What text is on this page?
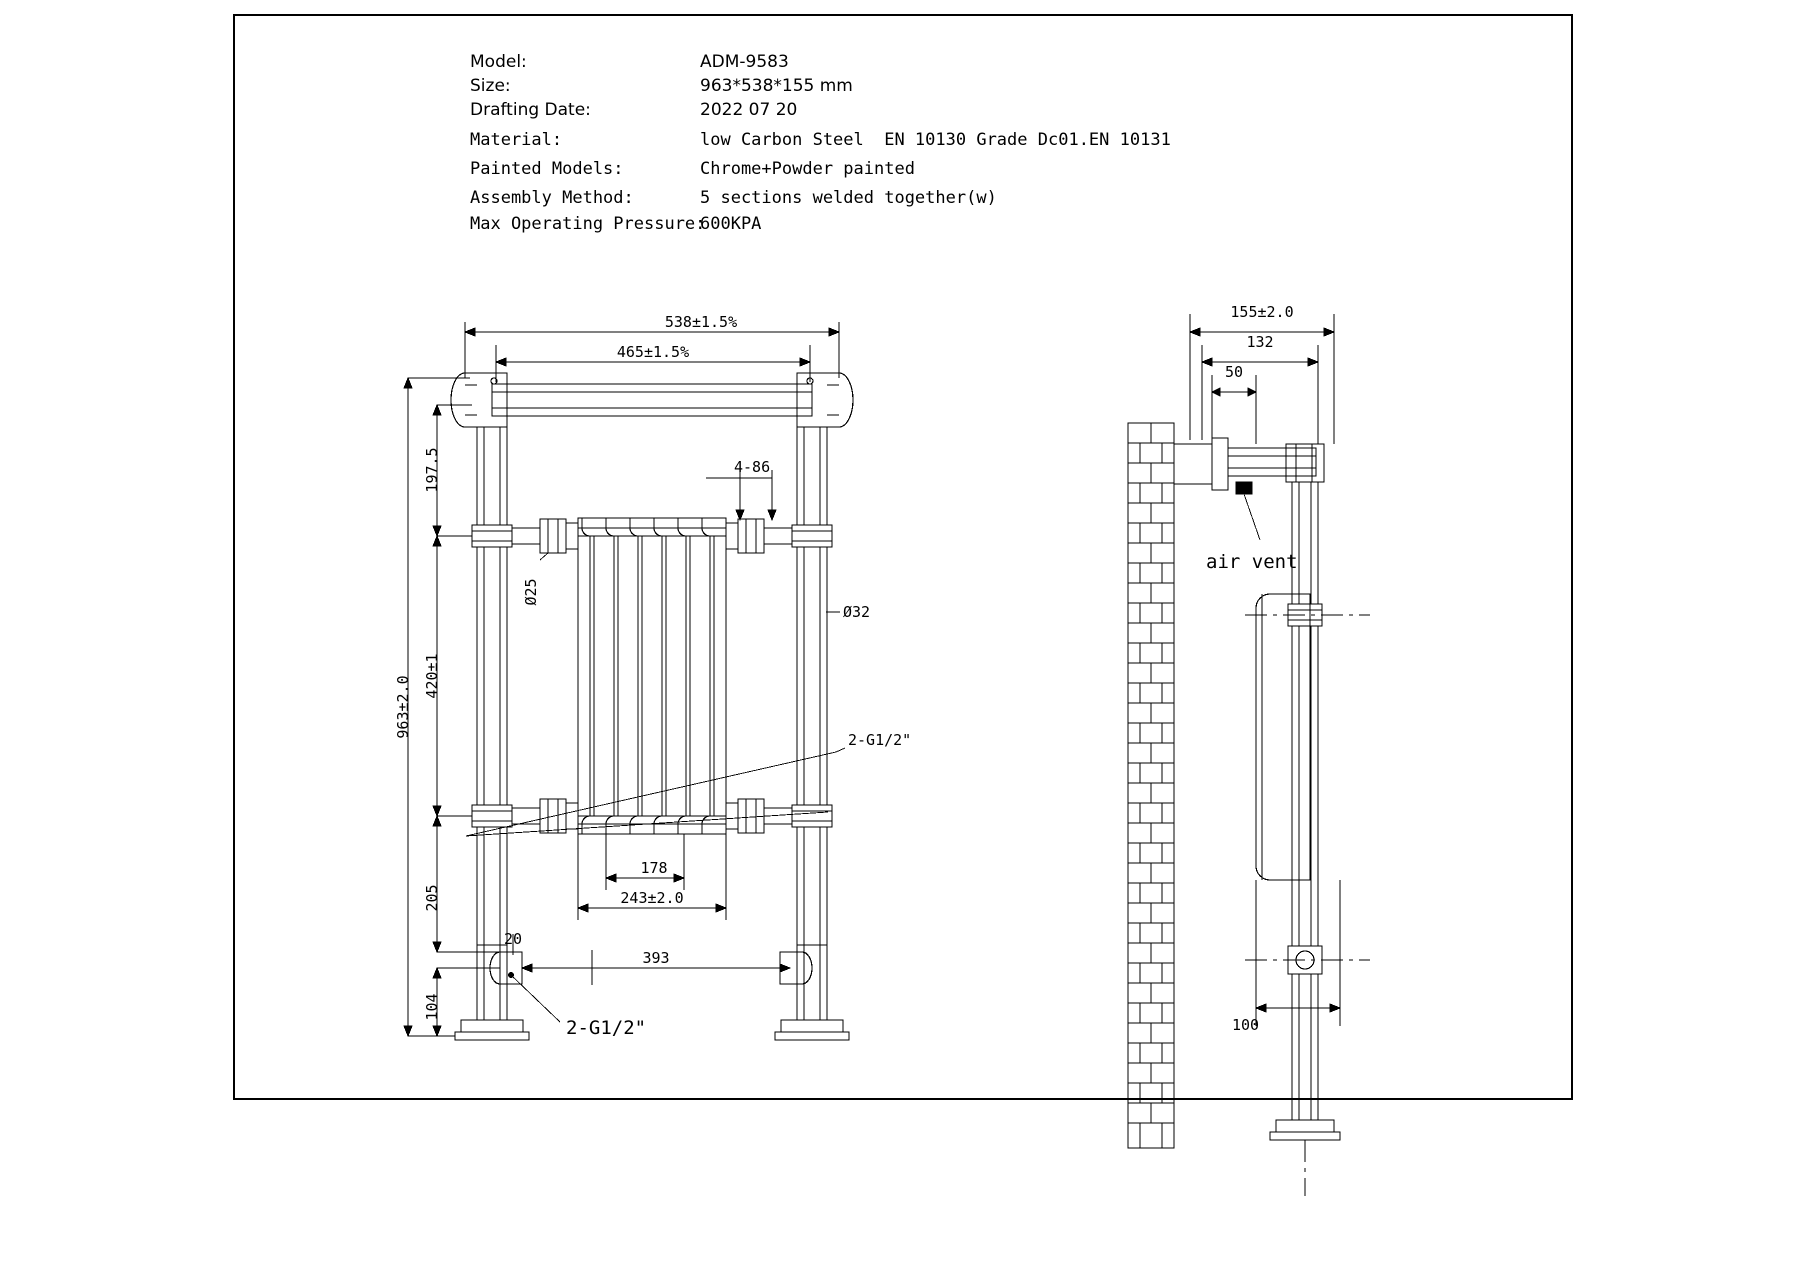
Model:	ADM-9583
Size:	963*538*155 mm
Drafting Date:	2022 07 20
Material:	low Carbon Steel  EN 10130 Grade Dc01.EN 10131
Painted Models:	Chrome+Powder painted
Assembly Method:	5 sections welded together(w)
Max Operating Pressure:
600KPA
538±1.5%
465±1.5%
963±2.0
197.5
420±1
205
104
20
393
178
243±2.0
4-86
Ø25
Ø32
2-G1/2"
2-G1/2"
155±2.0
132
50
air vent
100
